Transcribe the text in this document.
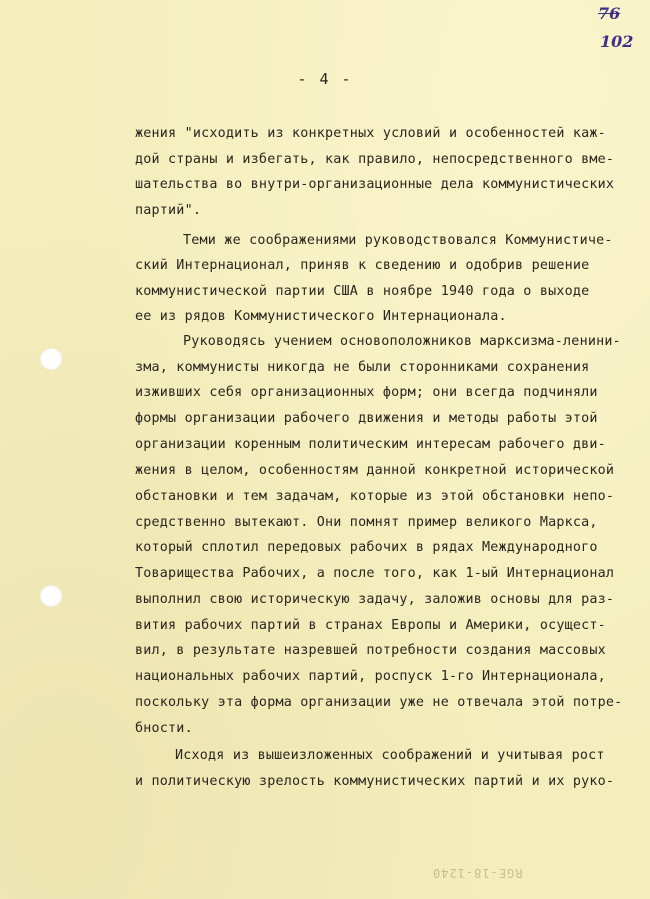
76
102
- 4 -
жения "исходить из конкретных условий и особенностей каж-
дой страны и избегать, как правило, непосредственного вме-
шательства во внутри-организационные дела коммунистических
партий".
Теми же соображениями руководствовался Коммунистиче-
ский Интернационал, приняв к сведению и одобрив решение
коммунистической партии США в ноябре 1940 года о выходе
ее из рядов Коммунистического Интернационала.
Руководясь учением основоположников марксизма-ленини-
зма, коммунисты никогда не были сторонниками сохранения
изживших себя организационных форм; они всегда подчиняли
формы организации рабочего движения и методы работы этой
организации коренным политическим интересам рабочего дви-
жения в целом, особенностям данной конкретной исторической
обстановки и тем задачам, которые из этой обстановки непо-
средственно вытекают. Они помнят пример великого Маркса,
который сплотил передовых рабочих в рядах Международного
Товарищества Рабочих, а после того, как 1-ый Интернационал
выполнил свою историческую задачу, заложив основы для раз-
вития рабочих партий в странах Европы и Америки, осущест-
вил, в результате назревшей потребности создания массовых
национальных рабочих партий, роспуск 1-го Интернационала,
поскольку эта форма организации уже не отвечала этой потре-
бности.
Исходя из вышеизложенных соображений и учитывая рост
и политическую зрелость коммунистических партий и их руко-
RGE-18-1240
